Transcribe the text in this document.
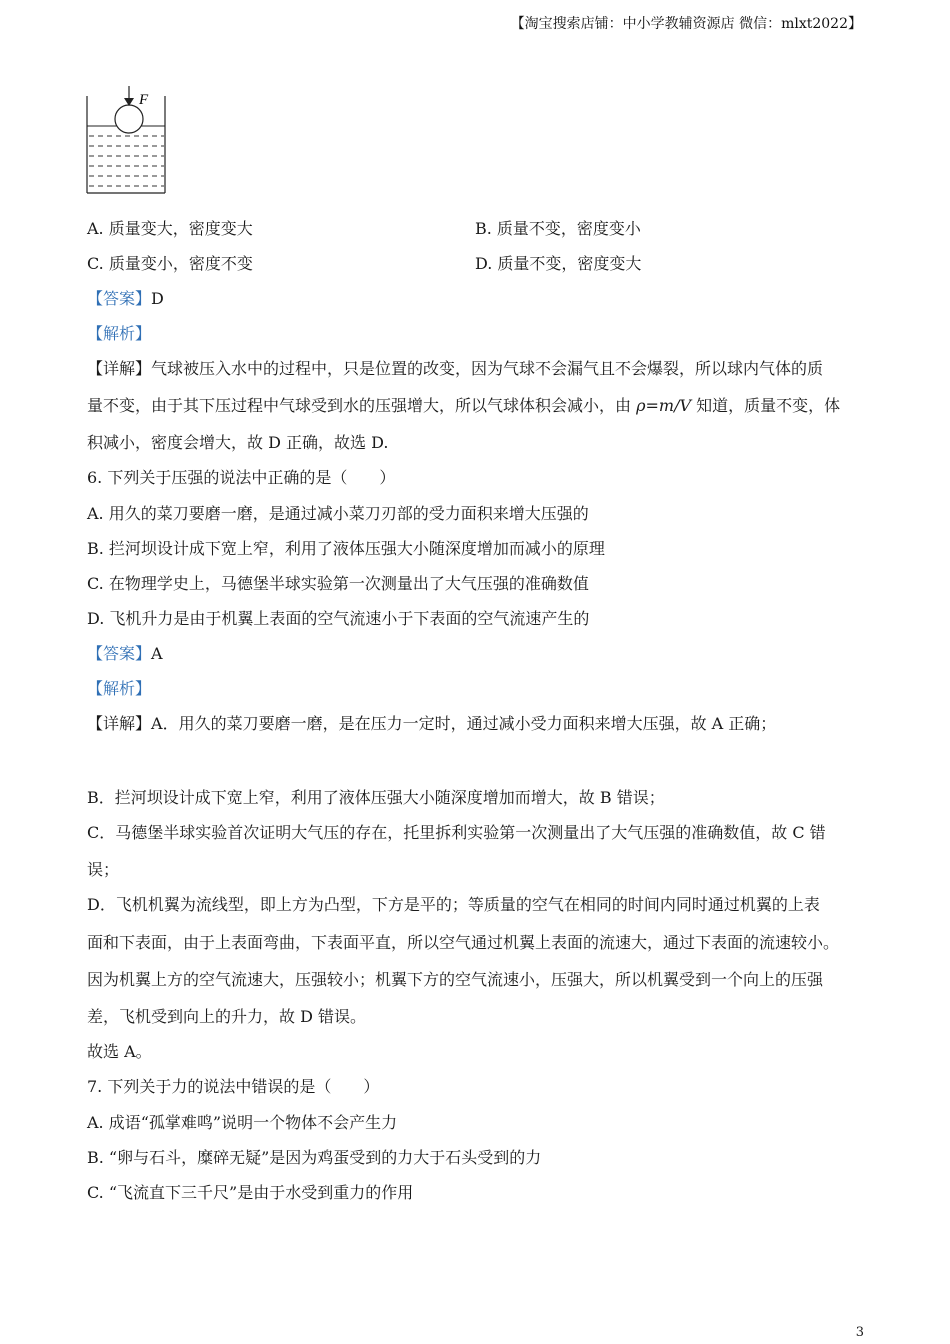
【淘宝搜索店铺：中小学教辅资源店 微信：mlxt2022】
F
A. 质量变大，密度变大	B. 质量不变，密度变小
C. 质量变小，密度不变	D. 质量不变，密度变大
【答案】D
【解析】
【详解】气球被压入水中的过程中，只是位置的改变，因为气球不会漏气且不会爆裂，所以球内气体的质
量不变，由于其下压过程中气球受到水的压强增大，所以气球体积会减小，由 ρ=m/V 知道，质量不变，体
积减小，密度会增大，故 D 正确，故选 D.
6. 下列关于压强的说法中正确的是（　　）
A. 用久的菜刀要磨一磨，是通过减小菜刀刃部的受力面积来增大压强的
B. 拦河坝设计成下宽上窄，利用了液体压强大小随深度增加而减小的原理
C. 在物理学史上，马德堡半球实验第一次测量出了大气压强的准确数值
D. 飞机升力是由于机翼上表面的空气流速小于下表面的空气流速产生的
【答案】A
【解析】
【详解】A．用久的菜刀要磨一磨，是在压力一定时，通过减小受力面积来增大压强，故 A 正确；
B．拦河坝设计成下宽上窄，利用了液体压强大小随深度增加而增大，故 B 错误；
C．马德堡半球实验首次证明大气压的存在，托里拆利实验第一次测量出了大气压强的准确数值，故 C 错
误；
D．飞机机翼为流线型，即上方为凸型，下方是平的；等质量的空气在相同的时间内同时通过机翼的上表
面和下表面，由于上表面弯曲，下表面平直，所以空气通过机翼上表面的流速大，通过下表面的流速较小。
因为机翼上方的空气流速大，压强较小；机翼下方的空气流速小，压强大，所以机翼受到一个向上的压强
差，飞机受到向上的升力，故 D 错误。
故选 A。
7. 下列关于力的说法中错误的是（　　）
A. 成语“孤掌难鸣”说明一个物体不会产生力
B. “卵与石斗，糜碎无疑”是因为鸡蛋受到的力大于石头受到的力
C. “飞流直下三千尺”是由于水受到重力的作用
3
